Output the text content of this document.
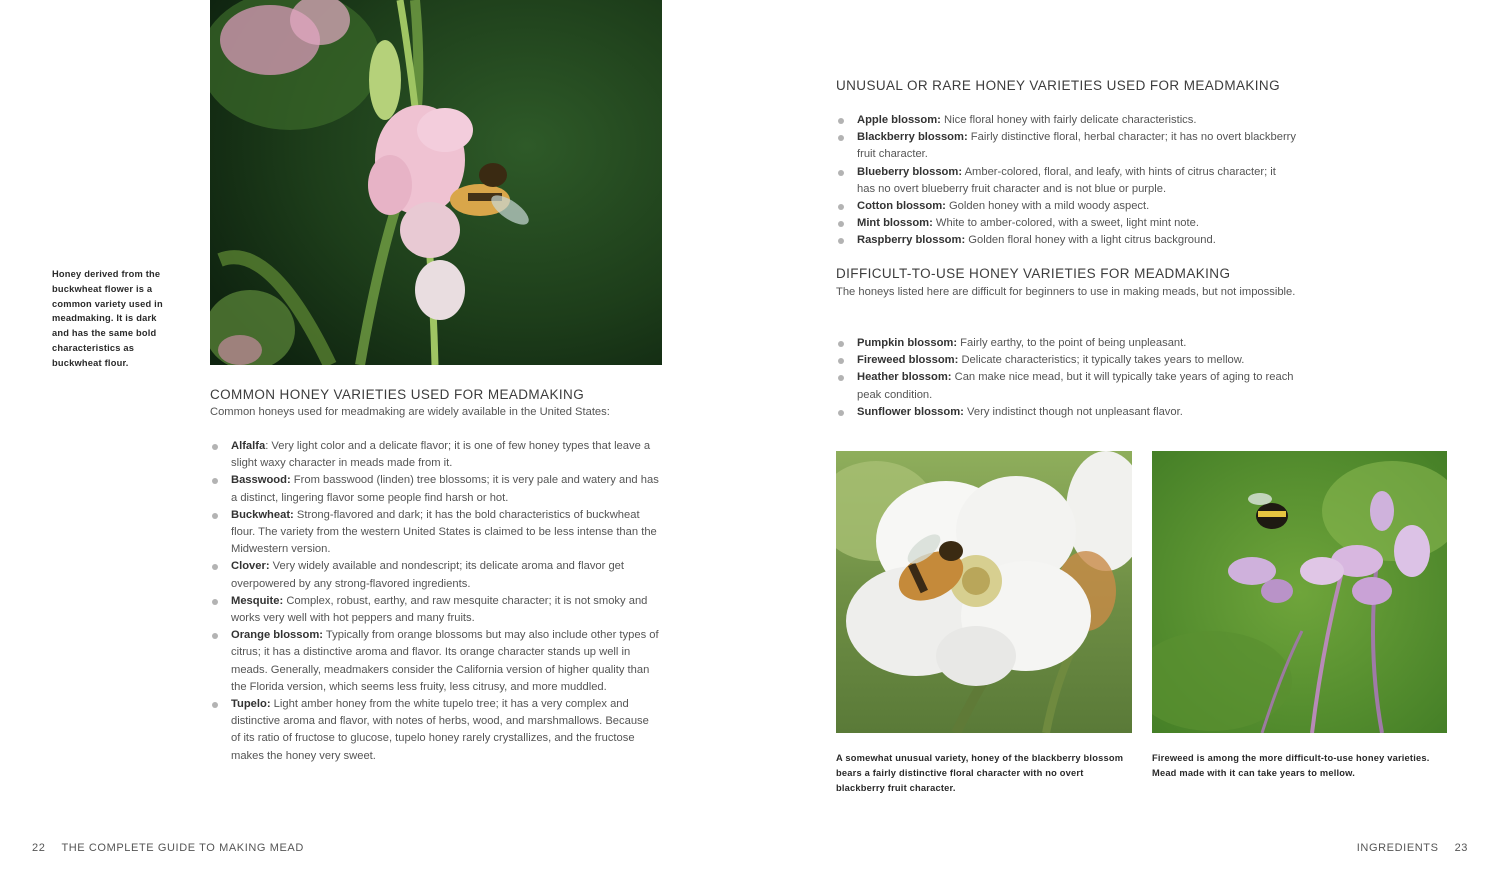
Honey derived from the buckwheat flower is a common variety used in meadmaking. It is dark and has the same bold characteristics as buckwheat flour.
COMMON HONEY VARIETIES USED FOR MEADMAKING
Common honeys used for meadmaking are widely available in the United States:
Alfalfa: Very light color and a delicate flavor; it is one of few honey types that leave a slight waxy character in meads made from it.
Basswood: From basswood (linden) tree blossoms; it is very pale and watery and has a distinct, lingering flavor some people find harsh or hot.
Buckwheat: Strong-flavored and dark; it has the bold characteristics of buckwheat flour. The variety from the western United States is claimed to be less intense than the Midwestern version.
Clover: Very widely available and nondescript; its delicate aroma and flavor get overpowered by any strong-flavored ingredients.
Mesquite: Complex, robust, earthy, and raw mesquite character; it is not smoky and works very well with hot peppers and many fruits.
Orange blossom: Typically from orange blossoms but may also include other types of citrus; it has a distinctive aroma and flavor. Its orange character stands up well in meads. Generally, meadmakers consider the California version of higher quality than the Florida version, which seems less fruity, less citrusy, and more muddled.
Tupelo: Light amber honey from the white tupelo tree; it has a very complex and distinctive aroma and flavor, with notes of herbs, wood, and marshmallows. Because of its ratio of fructose to glucose, tupelo honey rarely crystallizes, and the fructose makes the honey very sweet.
22 THE COMPLETE GUIDE TO MAKING MEAD
UNUSUAL OR RARE HONEY VARIETIES USED FOR MEADMAKING
Apple blossom: Nice floral honey with fairly delicate characteristics.
Blackberry blossom: Fairly distinctive floral, herbal character; it has no overt blackberry fruit character.
Blueberry blossom: Amber-colored, floral, and leafy, with hints of citrus character; it has no overt blueberry fruit character and is not blue or purple.
Cotton blossom: Golden honey with a mild woody aspect.
Mint blossom: White to amber-colored, with a sweet, light mint note.
Raspberry blossom: Golden floral honey with a light citrus background.
DIFFICULT-TO-USE HONEY VARIETIES FOR MEADMAKING
The honeys listed here are difficult for beginners to use in making meads, but not impossible.
Pumpkin blossom: Fairly earthy, to the point of being unpleasant.
Fireweed blossom: Delicate characteristics; it typically takes years to mellow.
Heather blossom: Can make nice mead, but it will typically take years of aging to reach peak condition.
Sunflower blossom: Very indistinct though not unpleasant flavor.
A somewhat unusual variety, honey of the blackberry blossom bears a fairly distinctive floral character with no overt blackberry fruit character.
Fireweed is among the more difficult-to-use honey varieties. Mead made with it can take years to mellow.
INGREDIENTS 23
